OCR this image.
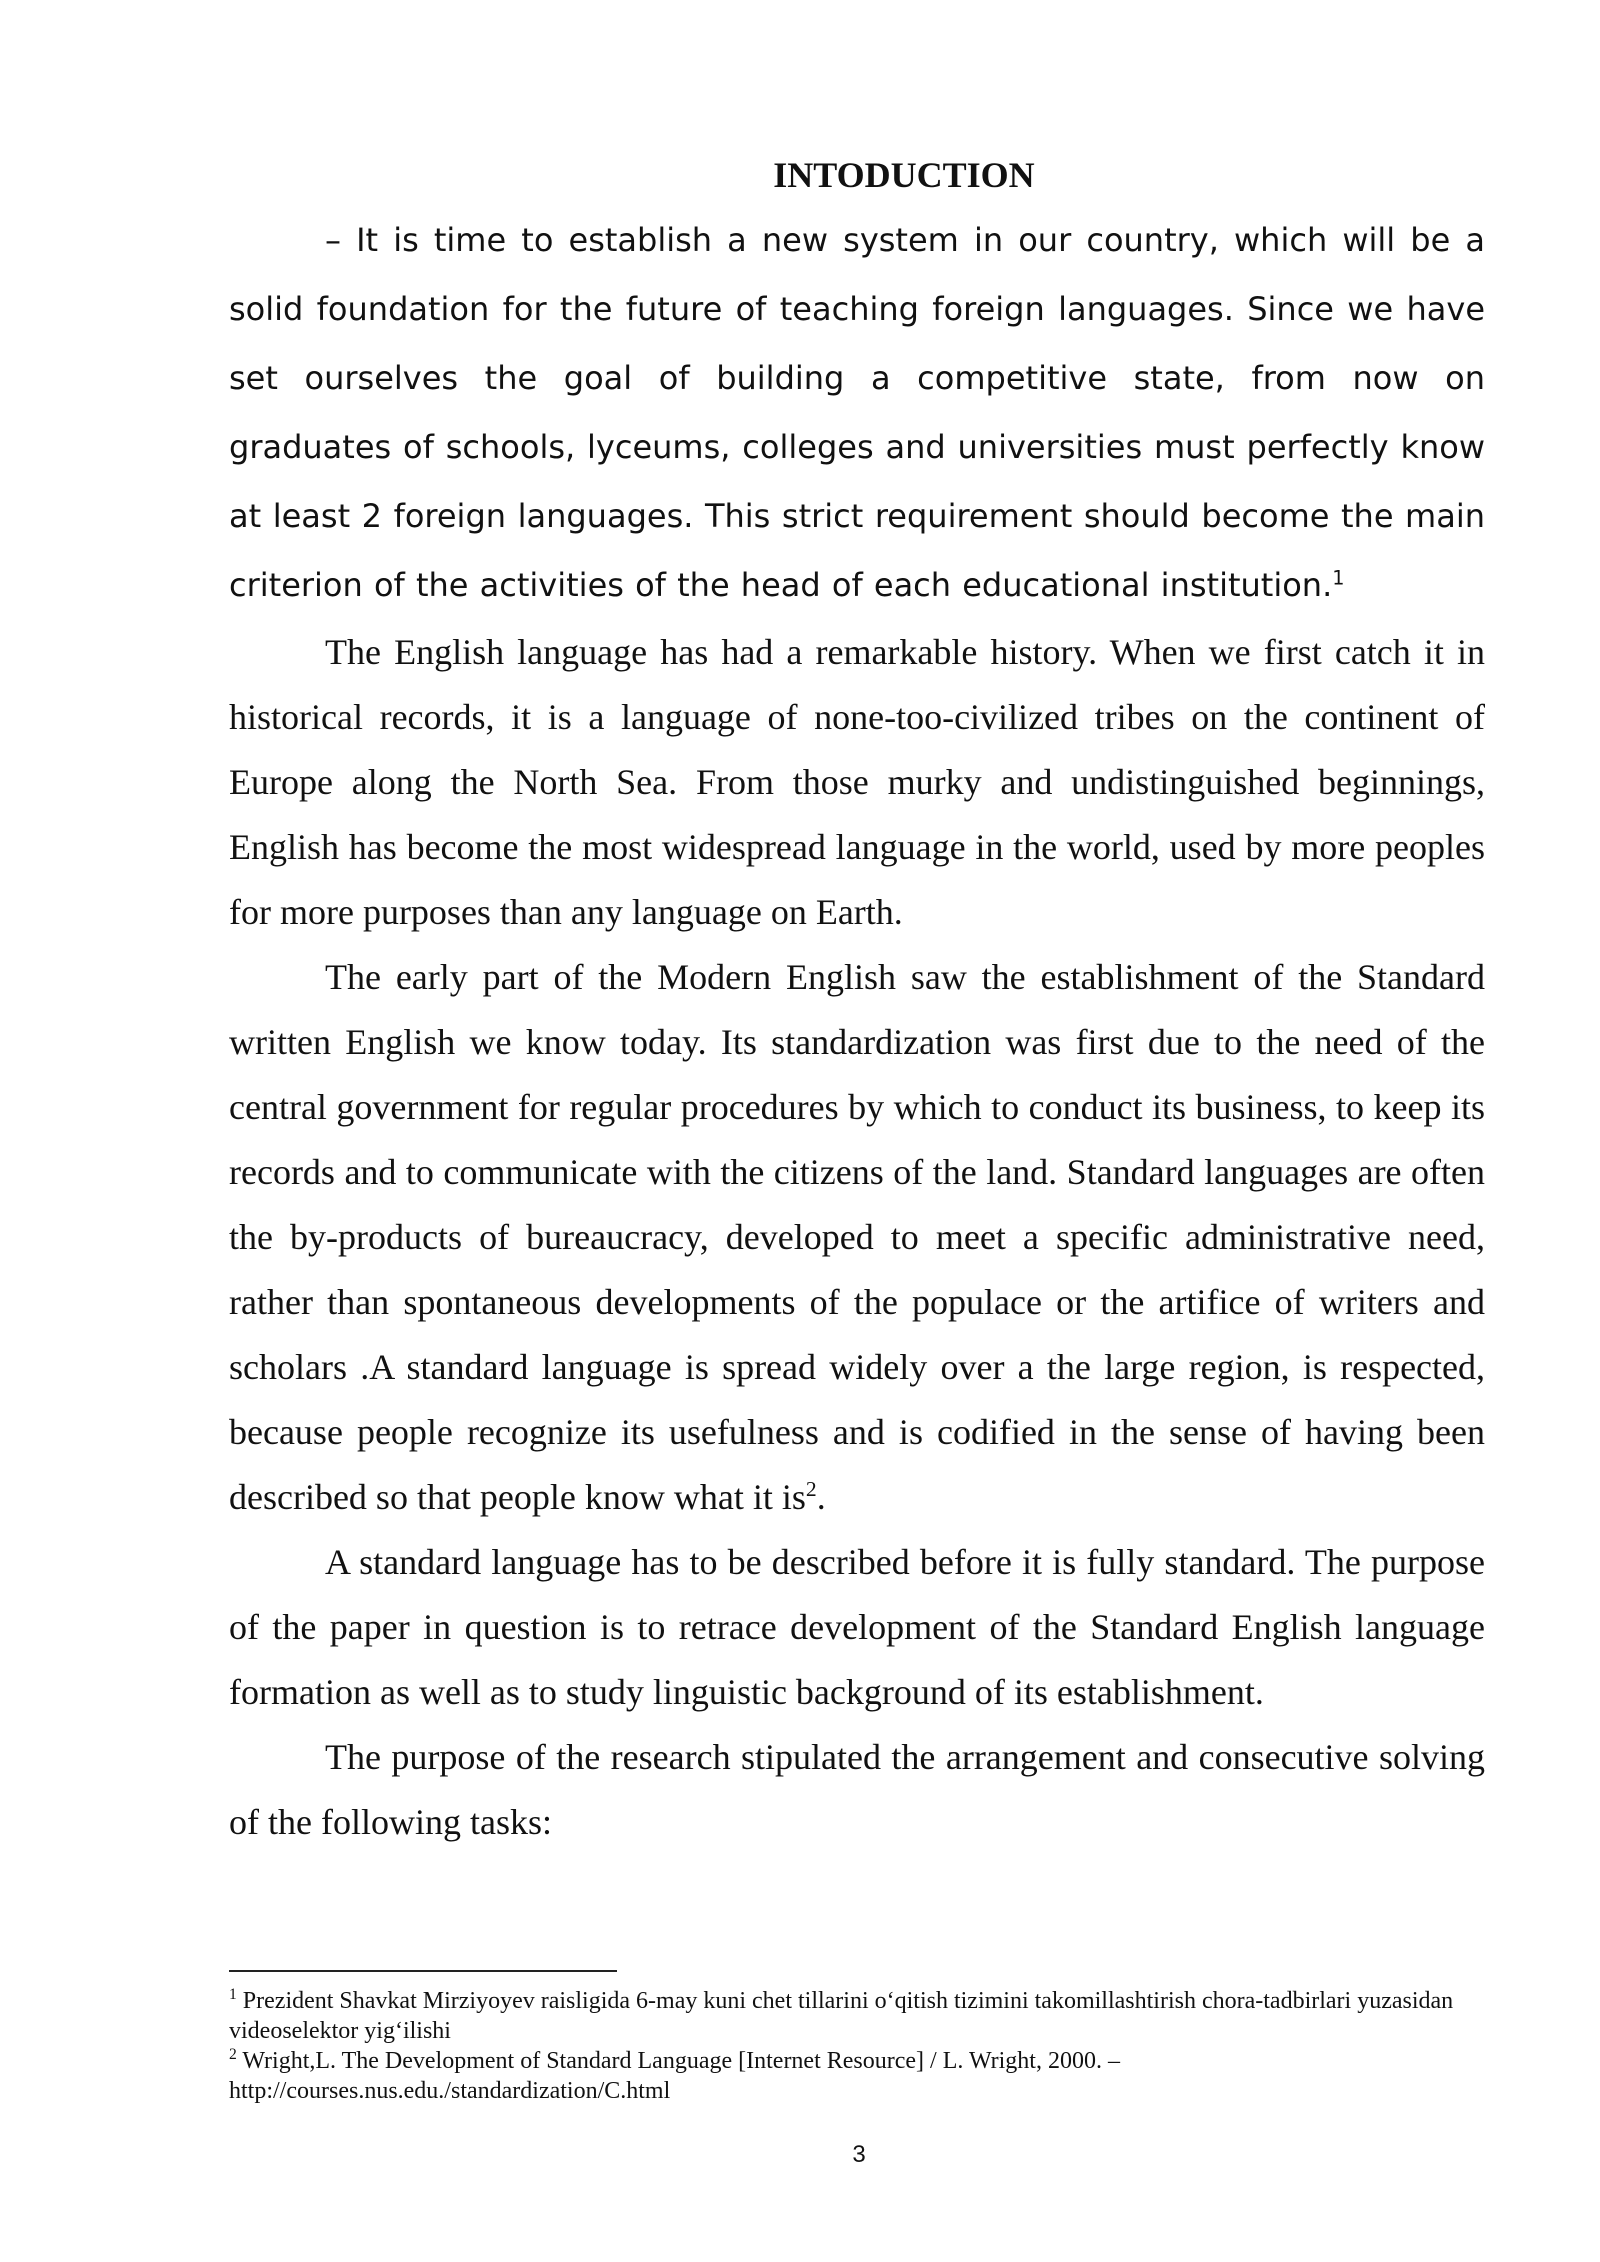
INTODUCTION

– It is time to establish a new system in our country, which will be a solid foundation for the future of teaching foreign languages. Since we have set ourselves the goal of building a competitive state, from now on graduates of schools, lyceums, colleges and universities must perfectly know at least 2 foreign languages. This strict requirement should become the main criterion of the activities of the head of each educational institution.$^1$

The English language has had a remarkable history. When we first catch it in historical records, it is a language of none-too-civilized tribes on the continent of Europe along the North Sea. From those murky and undistinguished beginnings, English has become the most widespread language in the world, used by more peoples for more purposes than any language on Earth.

The early part of the Modern English saw the establishment of the Standard written English we know today. Its standardization was first due to the need of the central government for regular procedures by which to conduct its business, to keep its records and to communicate with the citizens of the land. Standard languages are often the by-products of bureaucracy, developed to meet a specific administrative need, rather than spontaneous developments of the populace or the artifice of writers and scholars .A standard language is spread widely over a the large region, is respected, because people recognize its usefulness and is codified in the sense of having been described so that people know what it $is^2$.

A standard language has to be described before it is fully standard. The purpose of the paper in question is to retrace development of the Standard English language formation as well as to study linguistic background of its establishment.

The purpose of the research stipulated the arrangement and consecutive solving of the following tasks:

$^1$ Prezident Shavkat Mirziyoyev raisligida 6-may kuni chet tillarini o‘qitish tizimini takomillashtirish chora-tadbirlari yuzasidan videoselektor yig‘ilishi

$^2$ Wright,L. The Development of Standard Language [Internet Resource] / L. Wright, 2000. – http://courses.nus.edu./standardization/C.html

3
